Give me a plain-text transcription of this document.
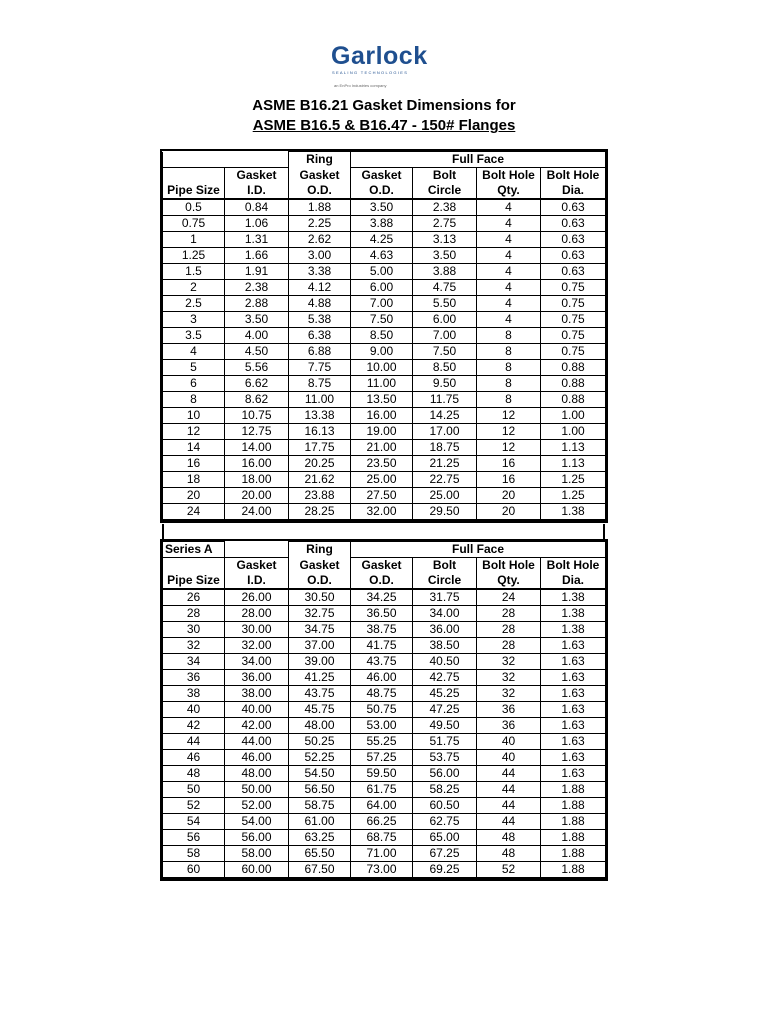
Garlock
SEALING TECHNOLOGIES
an EnPro Industries company
ASME B16.21 Gasket Dimensions for
ASME B16.5 & B16.47 - 150# Flanges
		Ring	Full Face			
	Gasket	Gasket	Gasket	Bolt	Bolt Hole	Bolt Hole
Pipe Size	I.D.	O.D.	O.D.	Circle	Qty.	Dia.
0.5	0.84	1.88	3.50	2.38	4	0.63
0.75	1.06	2.25	3.88	2.75	4	0.63
1	1.31	2.62	4.25	3.13	4	0.63
1.25	1.66	3.00	4.63	3.50	4	0.63
1.5	1.91	3.38	5.00	3.88	4	0.63
2	2.38	4.12	6.00	4.75	4	0.75
2.5	2.88	4.88	7.00	5.50	4	0.75
3	3.50	5.38	7.50	6.00	4	0.75
3.5	4.00	6.38	8.50	7.00	8	0.75
4	4.50	6.88	9.00	7.50	8	0.75
5	5.56	7.75	10.00	8.50	8	0.88
6	6.62	8.75	11.00	9.50	8	0.88
8	8.62	11.00	13.50	11.75	8	0.88
10	10.75	13.38	16.00	14.25	12	1.00
12	12.75	16.13	19.00	17.00	12	1.00
14	14.00	17.75	21.00	18.75	12	1.13
16	16.00	20.25	23.50	21.25	16	1.13
18	18.00	21.62	25.00	22.75	16	1.25
20	20.00	23.88	27.50	25.00	20	1.25
24	24.00	28.25	32.00	29.50	20	1.38
Series A		Ring	Full Face			
	Gasket	Gasket	Gasket	Bolt	Bolt Hole	Bolt Hole
Pipe Size	I.D.	O.D.	O.D.	Circle	Qty.	Dia.
26	26.00	30.50	34.25	31.75	24	1.38
28	28.00	32.75	36.50	34.00	28	1.38
30	30.00	34.75	38.75	36.00	28	1.38
32	32.00	37.00	41.75	38.50	28	1.63
34	34.00	39.00	43.75	40.50	32	1.63
36	36.00	41.25	46.00	42.75	32	1.63
38	38.00	43.75	48.75	45.25	32	1.63
40	40.00	45.75	50.75	47.25	36	1.63
42	42.00	48.00	53.00	49.50	36	1.63
44	44.00	50.25	55.25	51.75	40	1.63
46	46.00	52.25	57.25	53.75	40	1.63
48	48.00	54.50	59.50	56.00	44	1.63
50	50.00	56.50	61.75	58.25	44	1.88
52	52.00	58.75	64.00	60.50	44	1.88
54	54.00	61.00	66.25	62.75	44	1.88
56	56.00	63.25	68.75	65.00	48	1.88
58	58.00	65.50	71.00	67.25	48	1.88
60	60.00	67.50	73.00	69.25	52	1.88
